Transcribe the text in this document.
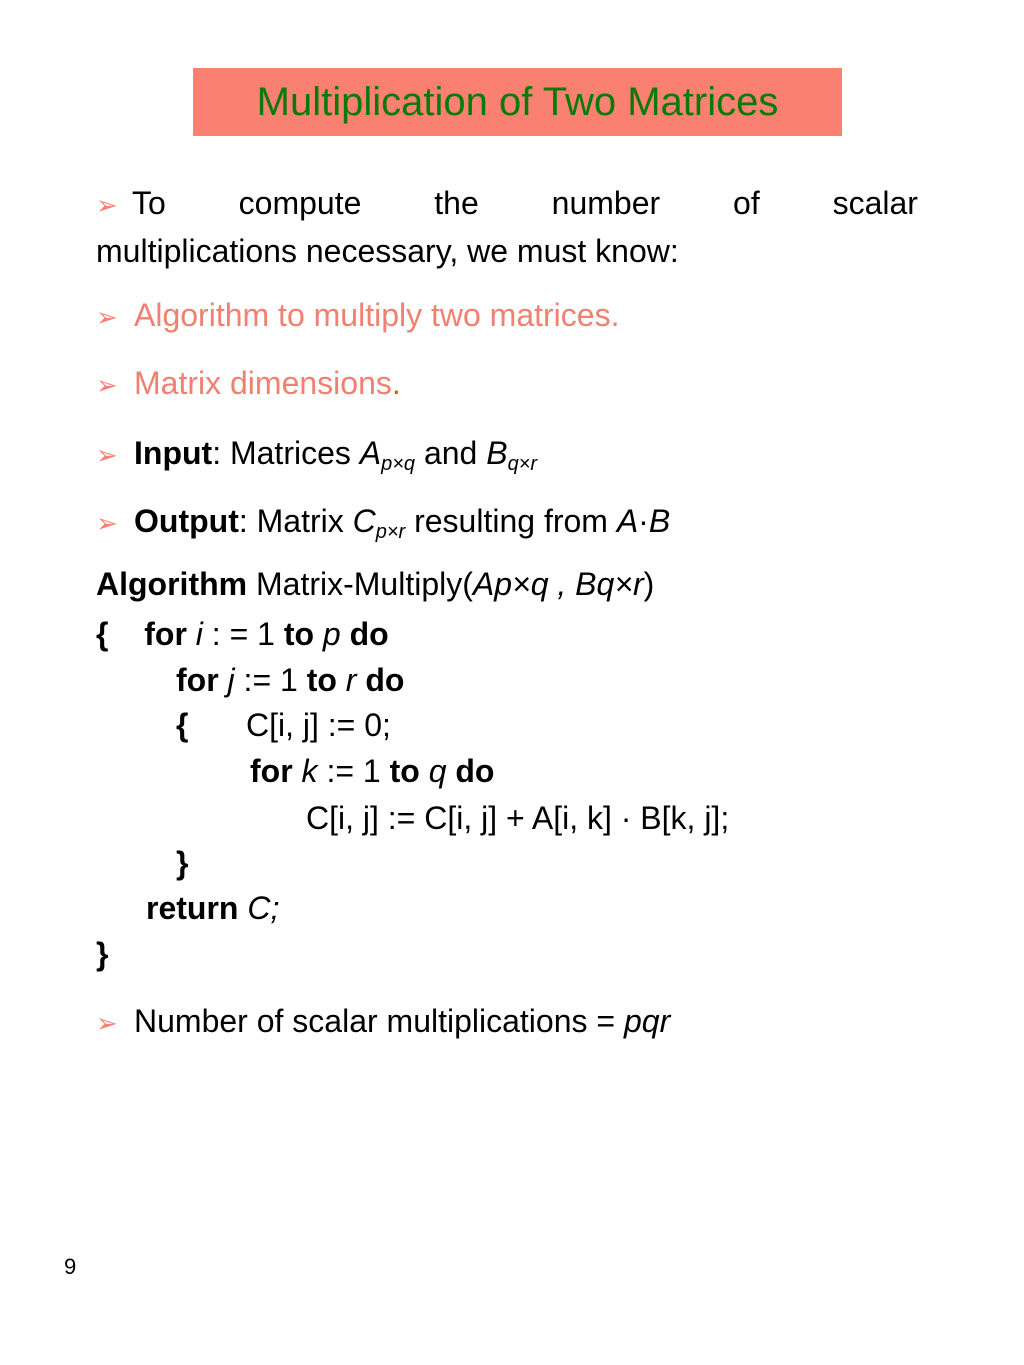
Multiplication of Two Matrices
➢ To compute the number of scalar
multiplications necessary, we must know:
➢ Algorithm to multiply two matrices.
➢ Matrix dimensions.
➢ Input: Matrices $A_{p\times q}$ and $B_{q\times r}$
➢ Output: Matrix $C_{p\times r}$ resulting from A·B
Algorithm Matrix-Multiply(Ap×q , Bq×r)
{ for i : = 1 to p do
for j := 1 to r do
{ C[i, j] := 0;
for k := 1 to q do
C[i, j] := C[i, j] + A[i, k] · B[k, j];
}
return C;
}
➢ Number of scalar multiplications = pqr
9
